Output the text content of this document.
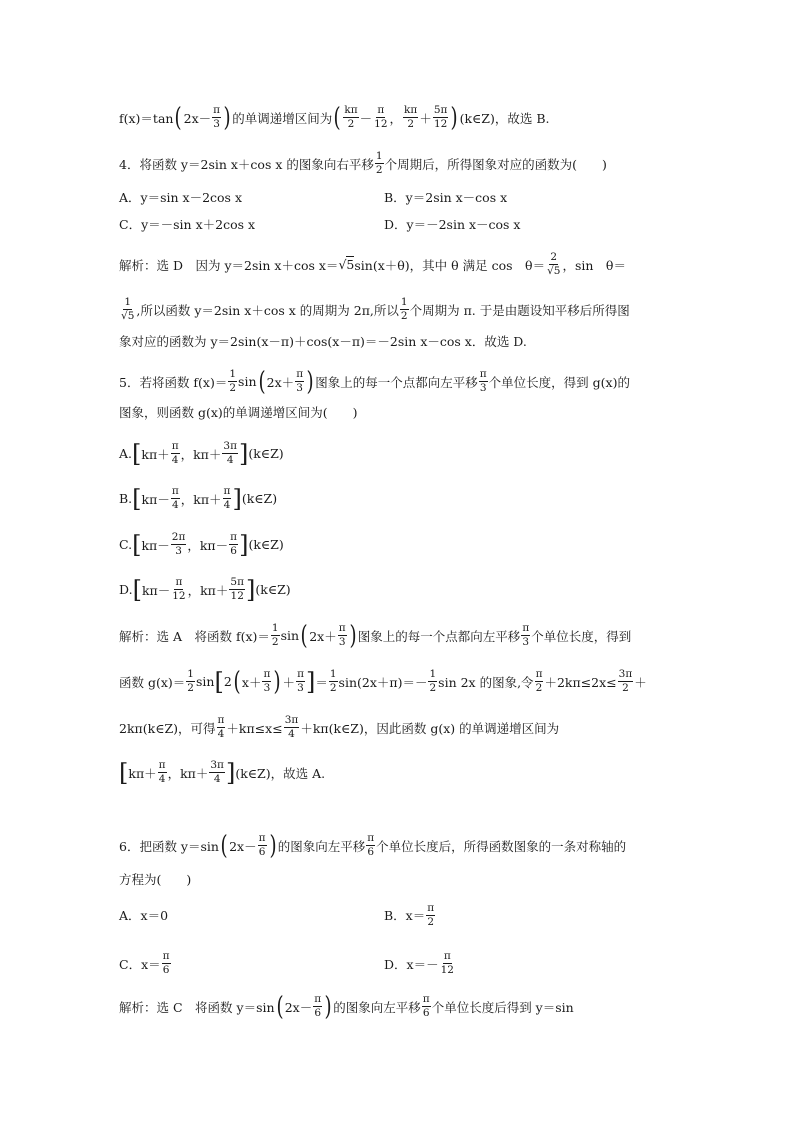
f(x)＝tan ( $2x- \frac{\pi}{3}$ ) 的单调递增区间为 ( $\frac{k\pi}{2} - \frac{\pi}{12}$ ， $\frac{k\pi}{2} + \frac{5\pi}{12}$ ) (k∈Z)，故选 B.
4．将函数 y＝2sin x＋cos x 的图象向右平移 $\frac{1}{2}$ 个周期后，所得图象对应的函数为(　　)
A．y＝sin x－2cos x	B．y＝2sin x－cos x
C．y＝－sin x＋2cos x	D．y＝－2sin x－cos x
解析：选 D　因为 y＝2sin x＋cos x＝ √5 sin(x＋θ)，其中 θ 满足 cos　$\theta= \frac{2}{√5}$ ，sin　θ＝
$\frac{1}{√5}$ ,所以函数 y＝2sin x＋cos x 的周期为 2π,所以 $\frac{1}{2}$ 个周期为 π. 于是由题设知平移后所得图
象对应的函数为 y＝2sin(x－π)＋cos(x－π)＝－2sin x－cos x．故选 D.
5．若将函数 $f(x)= \frac{1}{2}$ sin ( $2x+ \frac{\pi}{3}$ ) 图象上的每一个点都向左平移 $\frac{\pi}{3}$ 个单位长度，得到 g(x)的
图象，则函数 g(x)的单调递增区间为(　　)
A. [ $k\pi+ \frac{\pi}{4}$ ，$k\pi+ \frac{3\pi}{4}$ ] (k∈Z)
B. [ $k\pi- \frac{\pi}{4}$ ，$k\pi+ \frac{\pi}{4}$ ] (k∈Z)
C. [ $k\pi- \frac{2\pi}{3}$ ，$k\pi- \frac{\pi}{6}$ ] (k∈Z)
D. [ $k\pi- \frac{\pi}{12}$ ，$k\pi+ \frac{5\pi}{12}$ ] (k∈Z)
解析：选 A　将函数 $f(x)= \frac{1}{2}$ sin ( $2x+ \frac{\pi}{3}$ ) 图象上的每一个点都向左平移 $\frac{\pi}{3}$ 个单位长度，得到
函数 $g(x)= \frac{1}{2}$ sin [ 2 ( $x+ \frac{\pi}{3}$ ) ＋ $\frac{\pi}{3}$ ] ＝ $\frac{1}{2} \sin(2x+\pi)=- \frac{1}{2}$ sin 2x 的图象,令 $\frac{\pi}{2} +2k\pi\le 2x\le \frac{3\pi}{2}$ ＋
2kπ(k∈Z)，可得 $\frac{\pi}{4} +k\pi\le x\le \frac{3\pi}{4}$ ＋kπ(k∈Z)，因此函数 g(x) 的单调递增区间为
[ $k\pi+ \frac{\pi}{4}$ ，$k\pi+ \frac{3\pi}{4}$ ] (k∈Z)，故选 A.
6．把函数 y＝sin ( $2x- \frac{\pi}{6}$ ) 的图象向左平移 $\frac{\pi}{6}$ 个单位长度后，所得函数图象的一条对称轴的
方程为(　　)
A．x＝0	B．$x= \frac{\pi}{2}$
C．$x= \frac{\pi}{6}$	D．$x=- \frac{\pi}{12}$
解析：选 C　将函数 y＝sin ( $2x- \frac{\pi}{6}$ ) 的图象向左平移 $\frac{\pi}{6}$ 个单位长度后得到 y＝sin
